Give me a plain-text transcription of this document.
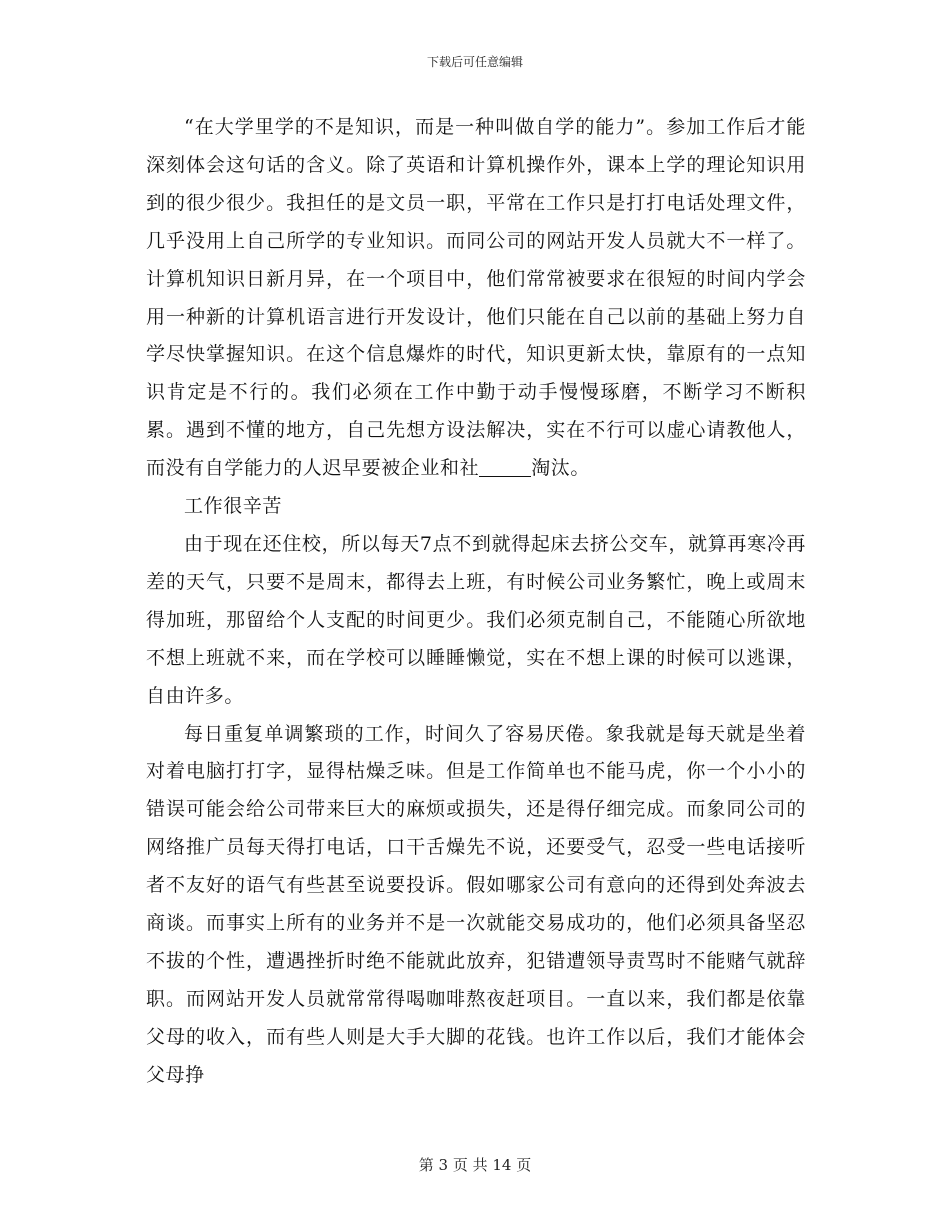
下载后可任意编辑

“在大学里学的不是知识，而是一种叫做自学的能力”。参加工作后才能深刻体会这句话的含义。除了英语和计算机操作外，课本上学的理论知识用到的很少很少。我担任的是文员一职，平常在工作只是打打电话处理文件，几乎没用上自己所学的专业知识。而同公司的网站开发人员就大不一样了。计算机知识日新月异，在一个项目中，他们常常被要求在很短的时间内学会用一种新的计算机语言进行开发设计，他们只能在自己以前的基础上努力自学尽快掌握知识。在这个信息爆炸的时代，知识更新太快，靠原有的一点知识肯定是不行的。我们必须在工作中勤于动手慢慢琢磨，不断学习不断积累。遇到不懂的地方，自己先想方设法解决，实在不行可以虚心请教他人，而没有自学能力的人迟早要被企业和社	淘汰。

工作很辛苦

由于现在还住校，所以每天7点不到就得起床去挤公交车，就算再寒冷再差的天气，只要不是周末，都得去上班，有时候公司业务繁忙，晚上或周末得加班，那留给个人支配的时间更少。我们必须克制自己，不能随心所欲地不想上班就不来，而在学校可以睡睡懒觉，实在不想上课的时候可以逃课，自由许多。

每日重复单调繁琐的工作，时间久了容易厌倦。象我就是每天就是坐着对着电脑打打字，显得枯燥乏味。但是工作简单也不能马虎，你一个小小的错误可能会给公司带来巨大的麻烦或损失，还是得仔细完成。而象同公司的网络推广员每天得打电话，口干舌燥先不说，还要受气，忍受一些电话接听者不友好的语气有些甚至说要投诉。假如哪家公司有意向的还得到处奔波去商谈。而事实上所有的业务并不是一次就能交易成功的，他们必须具备坚忍不拔的个性，遭遇挫折时绝不能就此放弃，犯错遭领导责骂时不能赌气就辞职。而网站开发人员就常常得喝咖啡熬夜赶项目。一直以来，我们都是依靠父母的收入，而有些人则是大手大脚的花钱。也许工作以后，我们才能体会父母挣

第 3 页 共 14 页
